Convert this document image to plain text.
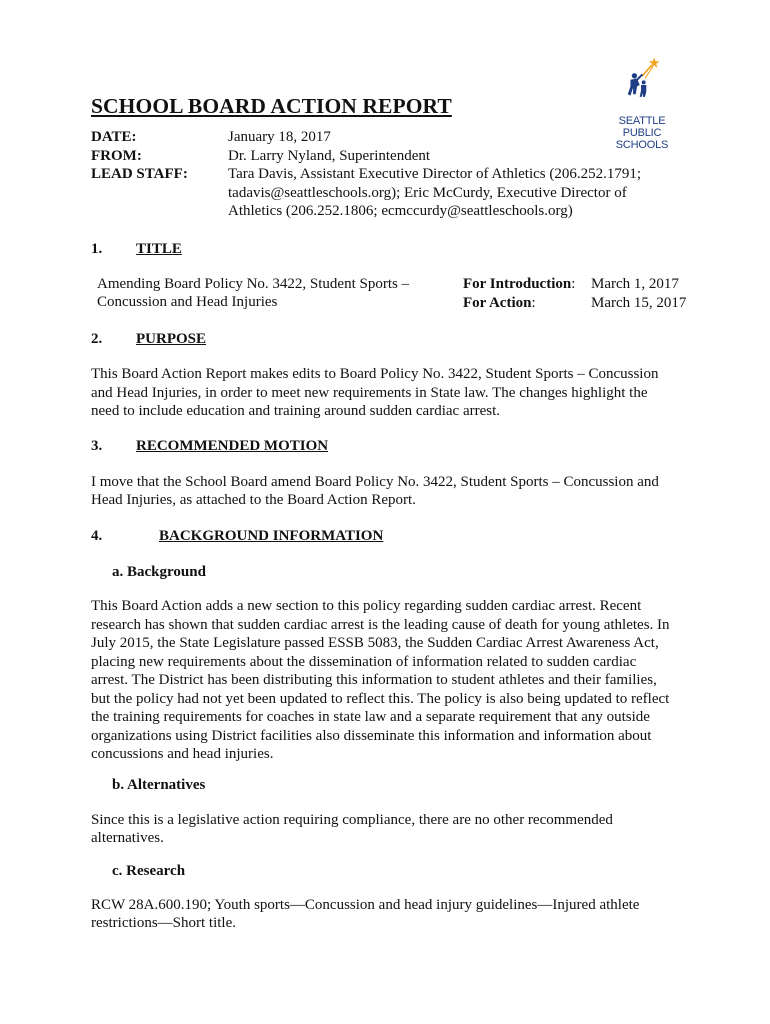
SEATTLE
PUBLIC
SCHOOLS
SCHOOL BOARD ACTION REPORT
DATE:
FROM:
LEAD STAFF:
January 18, 2017
Dr. Larry Nyland, Superintendent
Tara Davis, Assistant Executive Director of Athletics (206.252.1791;
tadavis@seattleschools.org); Eric McCurdy, Executive Director of
Athletics (206.252.1806; ecmccurdy@seattleschools.org)
1. TITLE
Amending Board Policy No. 3422, Student Sports –
Concussion and Head Injuries
For Introduction: March 1, 2017
For Action:	March 15, 2017
2. PURPOSE
This Board Action Report makes edits to Board Policy No. 3422, Student Sports – Concussion
and Head Injuries, in order to meet new requirements in State law. The changes highlight the
need to include education and training around sudden cardiac arrest.
3. RECOMMENDED MOTION
I move that the School Board amend Board Policy No. 3422, Student Sports – Concussion and
Head Injuries, as attached to the Board Action Report.
4.	BACKGROUND INFORMATION
a. Background
This Board Action adds a new section to this policy regarding sudden cardiac arrest. Recent
research has shown that sudden cardiac arrest is the leading cause of death for young athletes. In
July 2015, the State Legislature passed ESSB 5083, the Sudden Cardiac Arrest Awareness Act,
placing new requirements about the dissemination of information related to sudden cardiac
arrest. The District has been distributing this information to student athletes and their families,
but the policy had not yet been updated to reflect this. The policy is also being updated to reflect
the training requirements for coaches in state law and a separate requirement that any outside
organizations using District facilities also disseminate this information and information about
concussions and head injuries.
b. Alternatives
Since this is a legislative action requiring compliance, there are no other recommended
alternatives.
c. Research
RCW 28A.600.190; Youth sports—Concussion and head injury guidelines—Injured athlete
restrictions—Short title.
